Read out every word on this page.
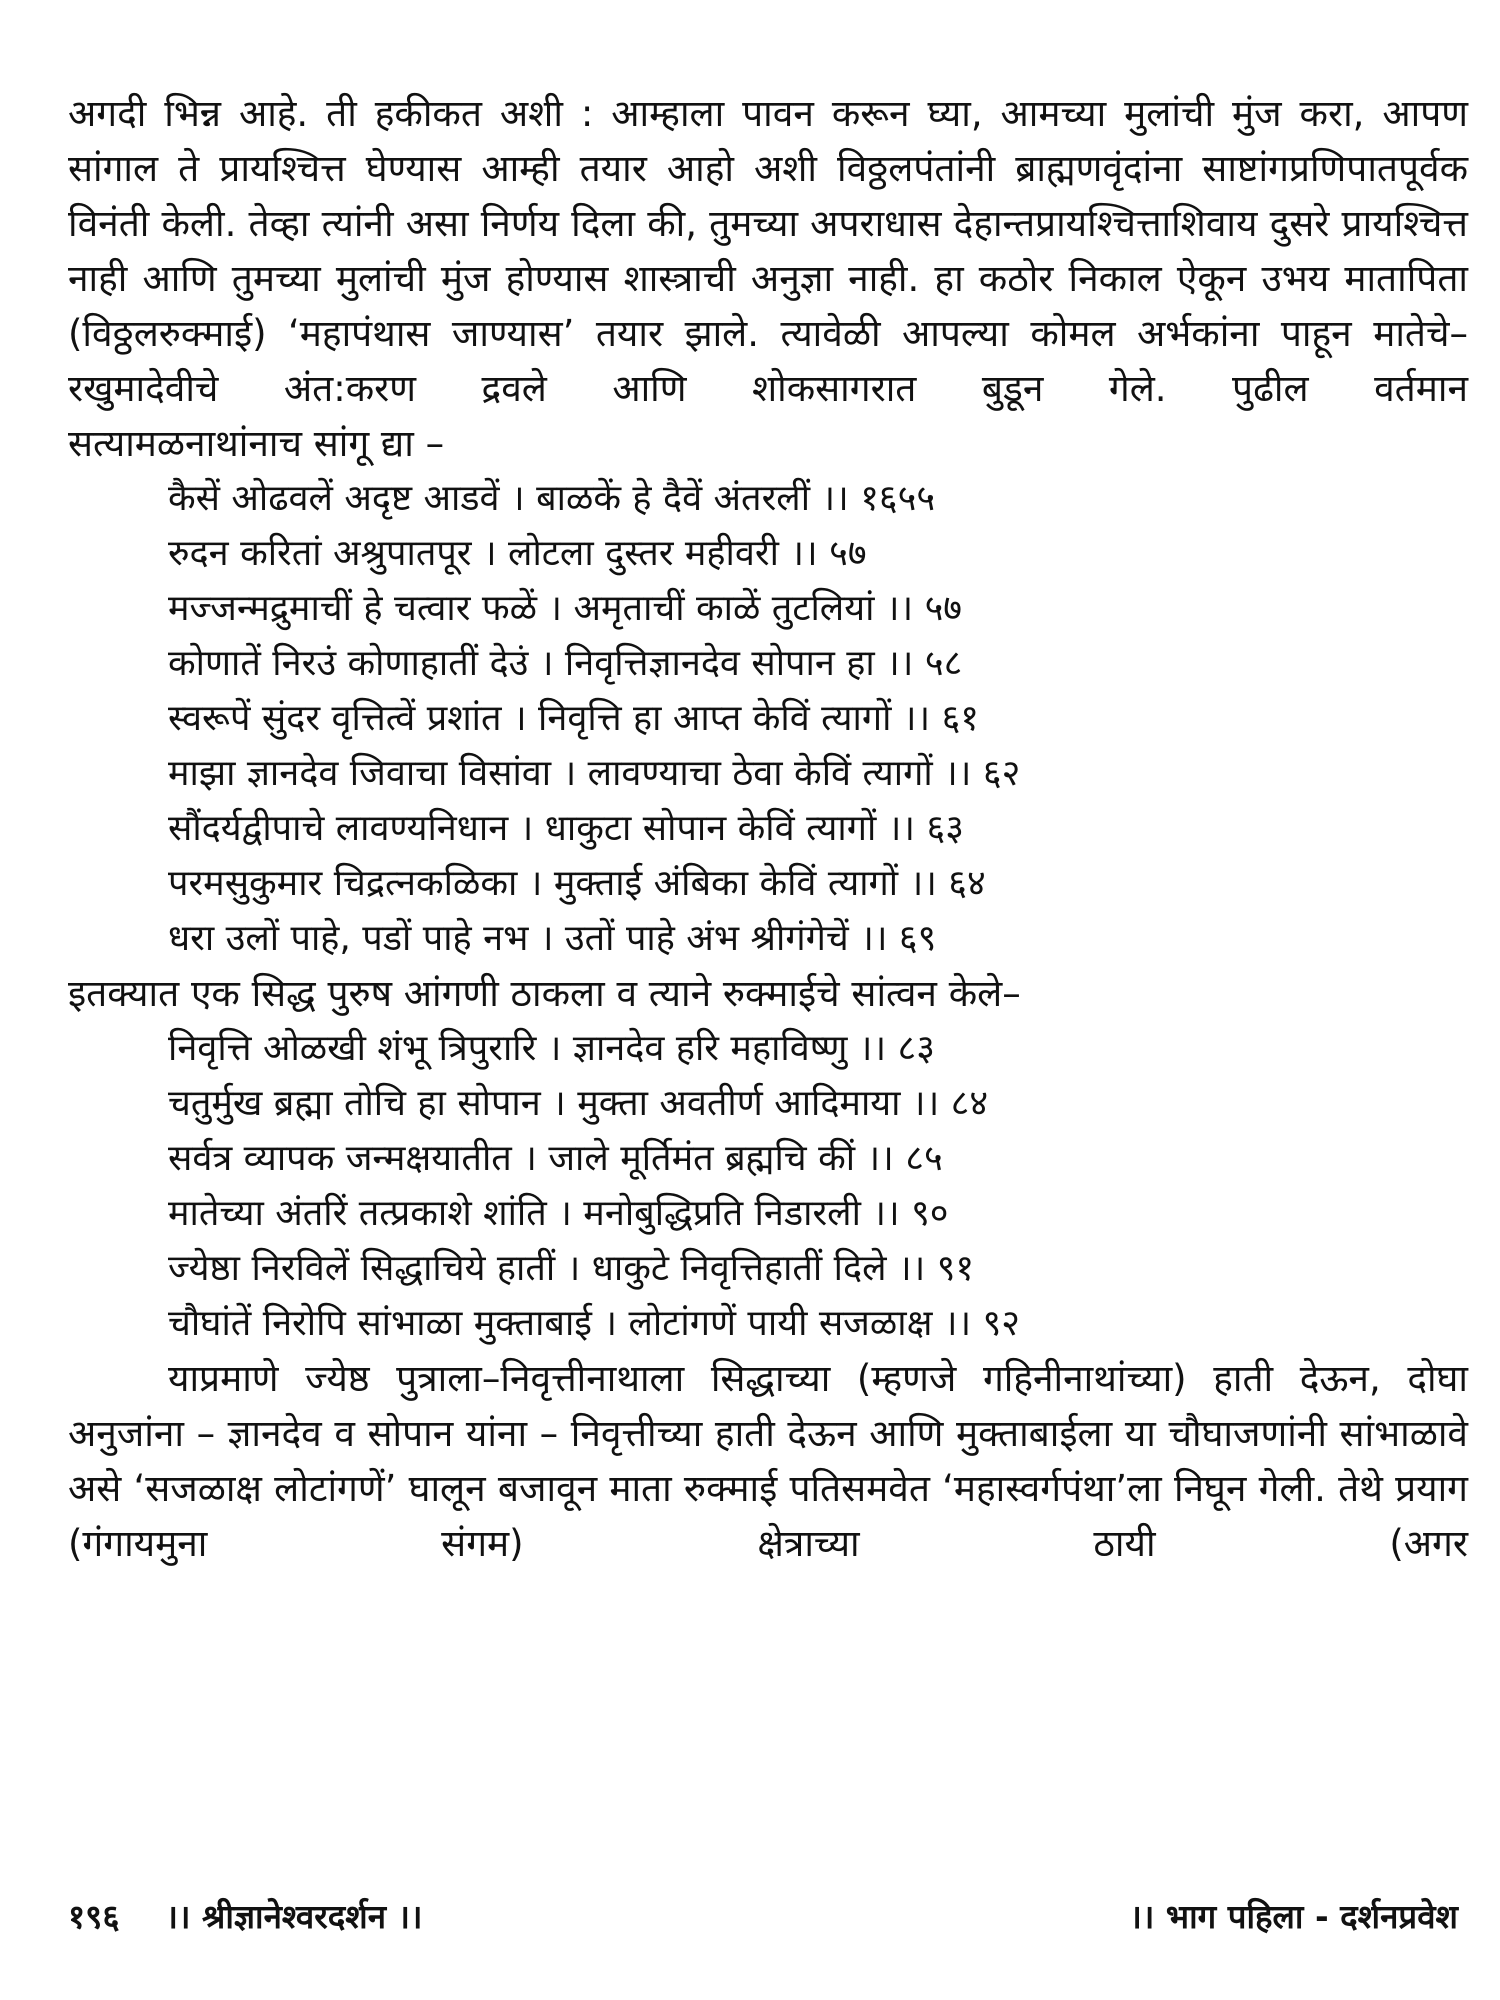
अगदी भिन्न आहे. ती हकीकत अशी : आम्हाला पावन करून घ्या, आमच्या मुलांची मुंज करा, आपण सांगाल ते प्रायश्चित्त घेण्यास आम्ही तयार आहो अशी विठ्ठलपंतांनी ब्राह्मणवृंदांना साष्टांगप्रणिपातपूर्वक विनंती केली. तेव्हा त्यांनी असा निर्णय दिला की, तुमच्या अपराधास देहान्तप्रायश्चित्ताशिवाय दुसरे प्रायश्चित्त नाही आणि तुमच्या मुलांची मुंज होण्यास शास्त्राची अनुज्ञा नाही. हा कठोर निकाल ऐकून उभय मातापिता (विठ्ठलरुक्माई) ‘महापंथास जाण्यास’ तयार झाले. त्यावेळी आपल्या कोमल अर्भकांना पाहून मातेचे–रखुमादेवीचे अंत:करण द्रवले आणि शोकसागरात बुडून गेले. पुढील वर्तमान

सत्यामळनाथांनाच सांगू द्या –

कैसें ओढवलें अदृष्ट आडवें । बाळकें हे दैवें अंतरलीं ।। १६५५
रुदन करितां अश्रुपातपूर । लोटला दुस्तर महीवरी ।। ५७
मज्जन्मद्रुमाचीं हे चत्वार फळें । अमृताचीं काळें तुटलियां ।। ५७
कोणातें निरउं कोणाहातीं देउं । निवृत्तिज्ञानदेव सोपान हा ।। ५८
स्वरूपें सुंदर वृत्तित्वें प्रशांत । निवृत्ति हा आप्त केविं त्यागों ।। ६१
माझा ज्ञानदेव जिवाचा विसांवा । लावण्याचा ठेवा केविं त्यागों ।। ६२
सौंदर्यद्वीपाचे लावण्यनिधान । धाकुटा सोपान केविं त्यागों ।। ६३
परमसुकुमार चिद्रत्नकळिका । मुक्ताई अंबिका केविं त्यागों ।। ६४
धरा उलों पाहे, पडों पाहे नभ । उतों पाहे अंभ श्रीगंगेचें ।। ६९

इतक्यात एक सिद्ध पुरुष आंगणी ठाकला व त्याने रुक्माईचे सांत्वन केले–

निवृत्ति ओळखी शंभू त्रिपुरारि । ज्ञानदेव हरि महाविष्णु ।। ८३
चतुर्मुख ब्रह्मा तोचि हा सोपान । मुक्ता अवतीर्ण आदिमाया ।। ८४
सर्वत्र व्यापक जन्मक्षयातीत । जाले मूर्तिमंत ब्रह्मचि कीं ।। ८५
मातेच्या अंतरिं तत्प्रकाशे शांति । मनोबुद्धिप्रति निडारली ।। ९०
ज्येष्ठा निरविलें सिद्धाचिये हातीं । धाकुटे निवृत्तिहातीं दिले ।। ९१
चौघांतें निरोपि सांभाळा मुक्ताबाई । लोटांगणें पायी सजळाक्ष ।। ९२

याप्रमाणे ज्येष्ठ पुत्राला–निवृत्तीनाथाला सिद्धाच्या (म्हणजे गहिनीनाथांच्या) हाती देऊन, दोघा अनुजांना – ज्ञानदेव व सोपान यांना – निवृत्तीच्या हाती देऊन आणि मुक्ताबाईला या चौघाजणांनी सांभाळावे असे ‘सजळाक्ष लोटांगणें’ घालून बजावून माता रुक्माई पतिसमवेत ‘महास्वर्गपंथा’ला निघून गेली. तेथे प्रयाग (गंगायमुना संगम) क्षेत्राच्या ठायी (अगर

१९६ ।। श्रीज्ञानेश्वरदर्शन ।।	।। भाग पहिला - दर्शनप्रवेश
